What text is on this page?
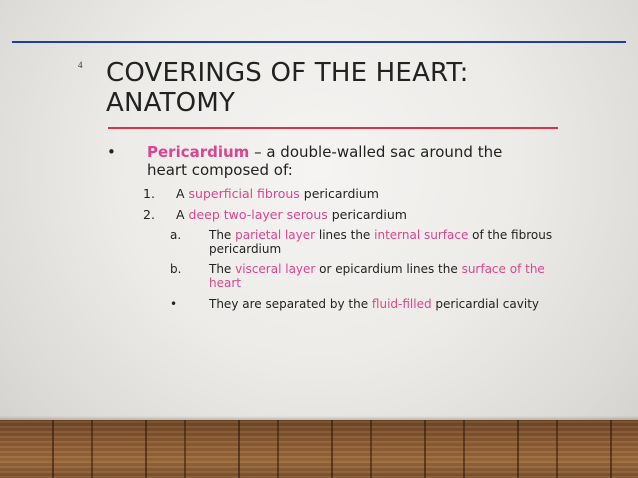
4 COVERINGS OF THE HEART: ANATOMY
• Pericardium – a double-walled sac around the heart composed of:
1. A superficial fibrous pericardium
2. A deep two-layer serous pericardium
a. The parietal layer lines the internal surface of the fibrous pericardium
b. The visceral layer or epicardium lines the surface of the heart
•	They are separated by the fluid-filled pericardial cavity
